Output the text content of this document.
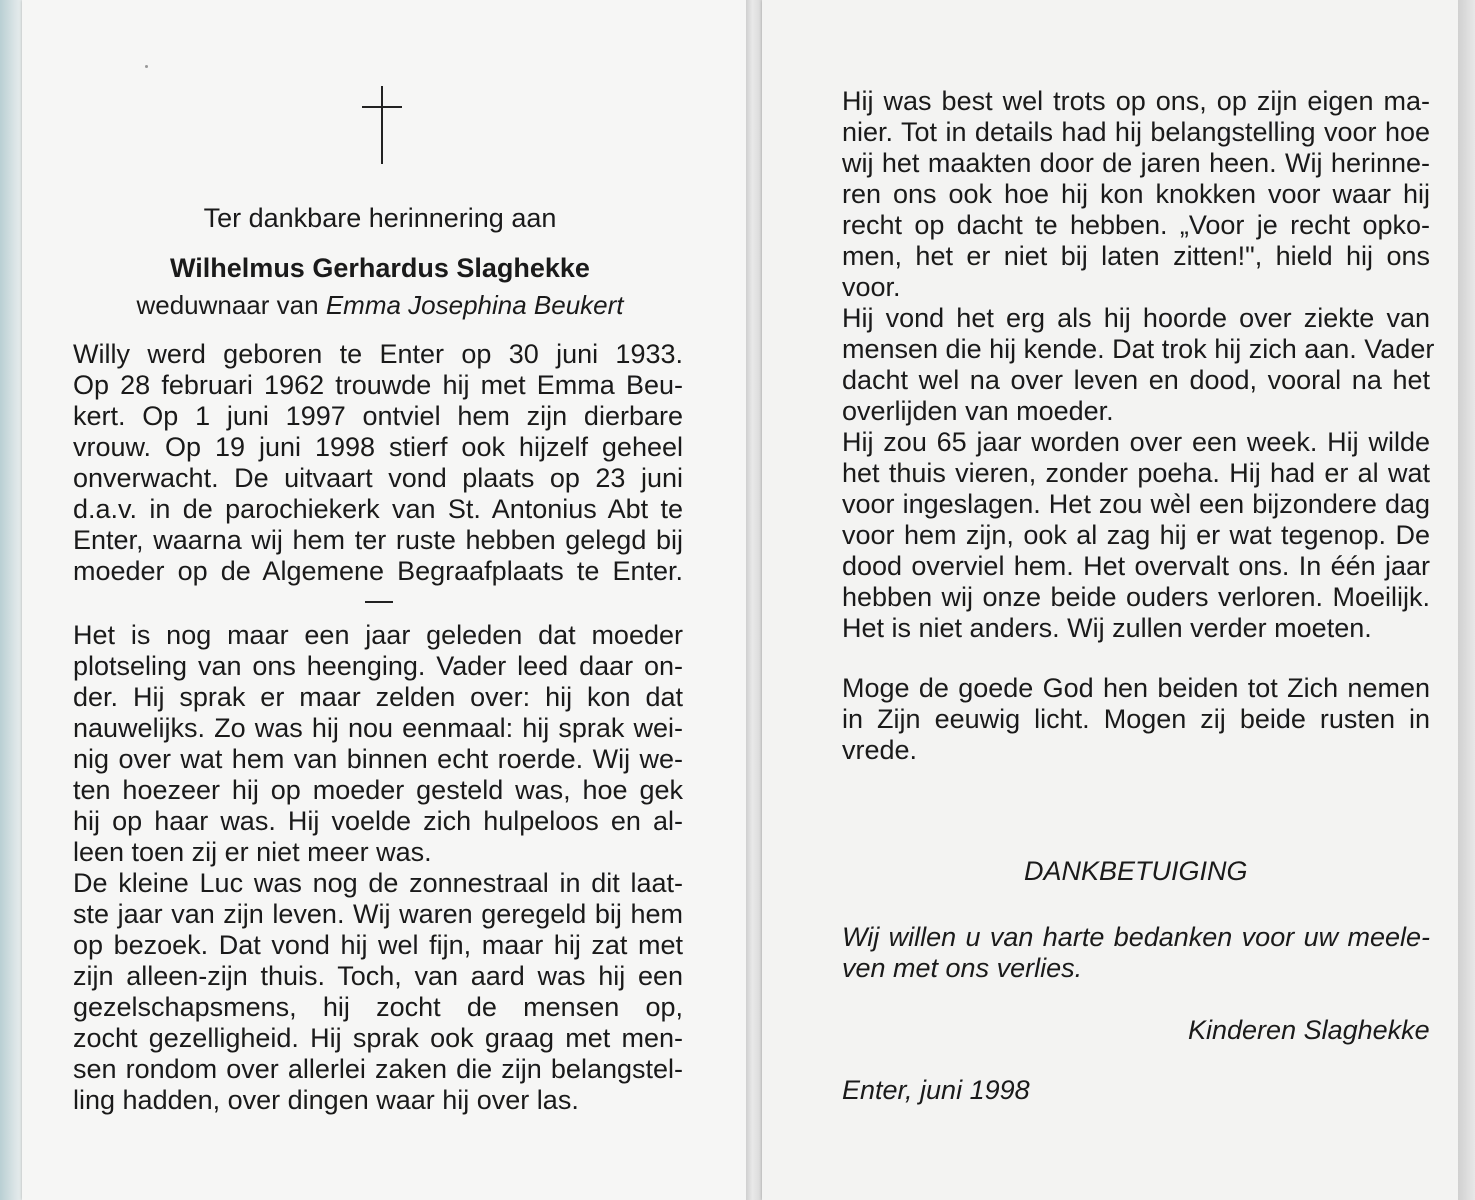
Ter dankbare herinnering aan
Wilhelmus Gerhardus Slaghekke
weduwnaar van Emma Josephina Beukert
Willy werd geboren te Enter op 30 juni 1933.
Op 28 februari 1962 trouwde hij met Emma Beu-
kert. Op 1 juni 1997 ontviel hem zijn dierbare
vrouw. Op 19 juni 1998 stierf ook hijzelf geheel
onverwacht. De uitvaart vond plaats op 23 juni
d.a.v. in de parochiekerk van St. Antonius Abt te
Enter, waarna wij hem ter ruste hebben gelegd bij
moeder op de Algemene Begraafplaats te Enter.
Het is nog maar een jaar geleden dat moeder
plotseling van ons heenging. Vader leed daar on-
der. Hij sprak er maar zelden over: hij kon dat
nauwelijks. Zo was hij nou eenmaal: hij sprak wei-
nig over wat hem van binnen echt roerde. Wij we-
ten hoezeer hij op moeder gesteld was, hoe gek
hij op haar was. Hij voelde zich hulpeloos en al-
leen toen zij er niet meer was.
De kleine Luc was nog de zonnestraal in dit laat-
ste jaar van zijn leven. Wij waren geregeld bij hem
op bezoek. Dat vond hij wel fijn, maar hij zat met
zijn alleen-zijn thuis. Toch, van aard was hij een
gezelschapsmens, hij zocht de mensen op,
zocht gezelligheid. Hij sprak ook graag met men-
sen rondom over allerlei zaken die zijn belangstel-
ling hadden, over dingen waar hij over las.
Hij was best wel trots op ons, op zijn eigen ma-
nier. Tot in details had hij belangstelling voor hoe
wij het maakten door de jaren heen. Wij herinne-
ren ons ook hoe hij kon knokken voor waar hij
recht op dacht te hebben. „Voor je recht opko-
men, het er niet bij laten zitten!", hield hij ons
voor.
Hij vond het erg als hij hoorde over ziekte van
mensen die hij kende. Dat trok hij zich aan. Vader
dacht wel na over leven en dood, vooral na het
overlijden van moeder.
Hij zou 65 jaar worden over een week. Hij wilde
het thuis vieren, zonder poeha. Hij had er al wat
voor ingeslagen. Het zou wèl een bijzondere dag
voor hem zijn, ook al zag hij er wat tegenop. De
dood overviel hem. Het overvalt ons. In één jaar
hebben wij onze beide ouders verloren. Moeilijk.
Het is niet anders. Wij zullen verder moeten.
Moge de goede God hen beiden tot Zich nemen
in Zijn eeuwig licht. Mogen zij beide rusten in
vrede.
DANKBETUIGING
Wij willen u van harte bedanken voor uw meele-
ven met ons verlies.
Kinderen Slaghekke
Enter, juni 1998
